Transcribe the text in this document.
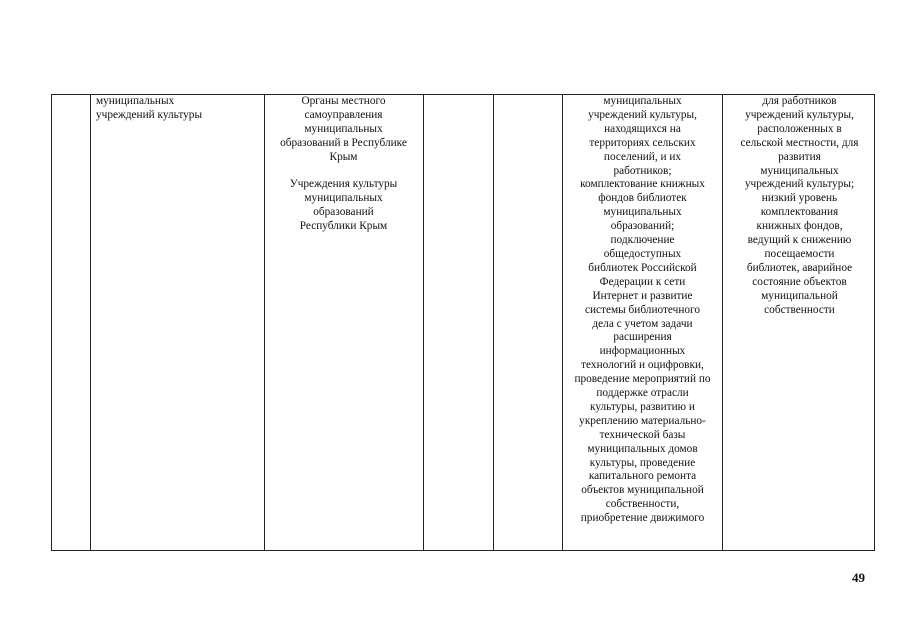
муниципальных
учреждений культуры
Органы местного
самоуправления
муниципальных
образований в Республике
Крым

Учреждения культуры
муниципальных
образований
Республики Крым
муниципальных
учреждений культуры,
находящихся на
территориях сельских
поселений, и их
работников;
комплектование книжных
фондов библиотек
муниципальных
образований;
подключение
общедоступных
библиотек Российской
Федерации к сети
Интернет и развитие
системы библиотечного
дела с учетом задачи
расширения
информационных
технологий и оцифровки,
проведение мероприятий по
поддержке отрасли
культуры, развитию и
укреплению материально-
технической базы
муниципальных домов
культуры, проведение
капитального ремонта
объектов муниципальной
собственности,
приобретение движимого
для работников
учреждений культуры,
расположенных в
сельской местности, для
развития
муниципальных
учреждений культуры;
низкий уровень
комплектования
книжных фондов,
ведущий к снижению
посещаемости
библиотек, аварийное
состояние объектов
муниципальной
собственности
49
